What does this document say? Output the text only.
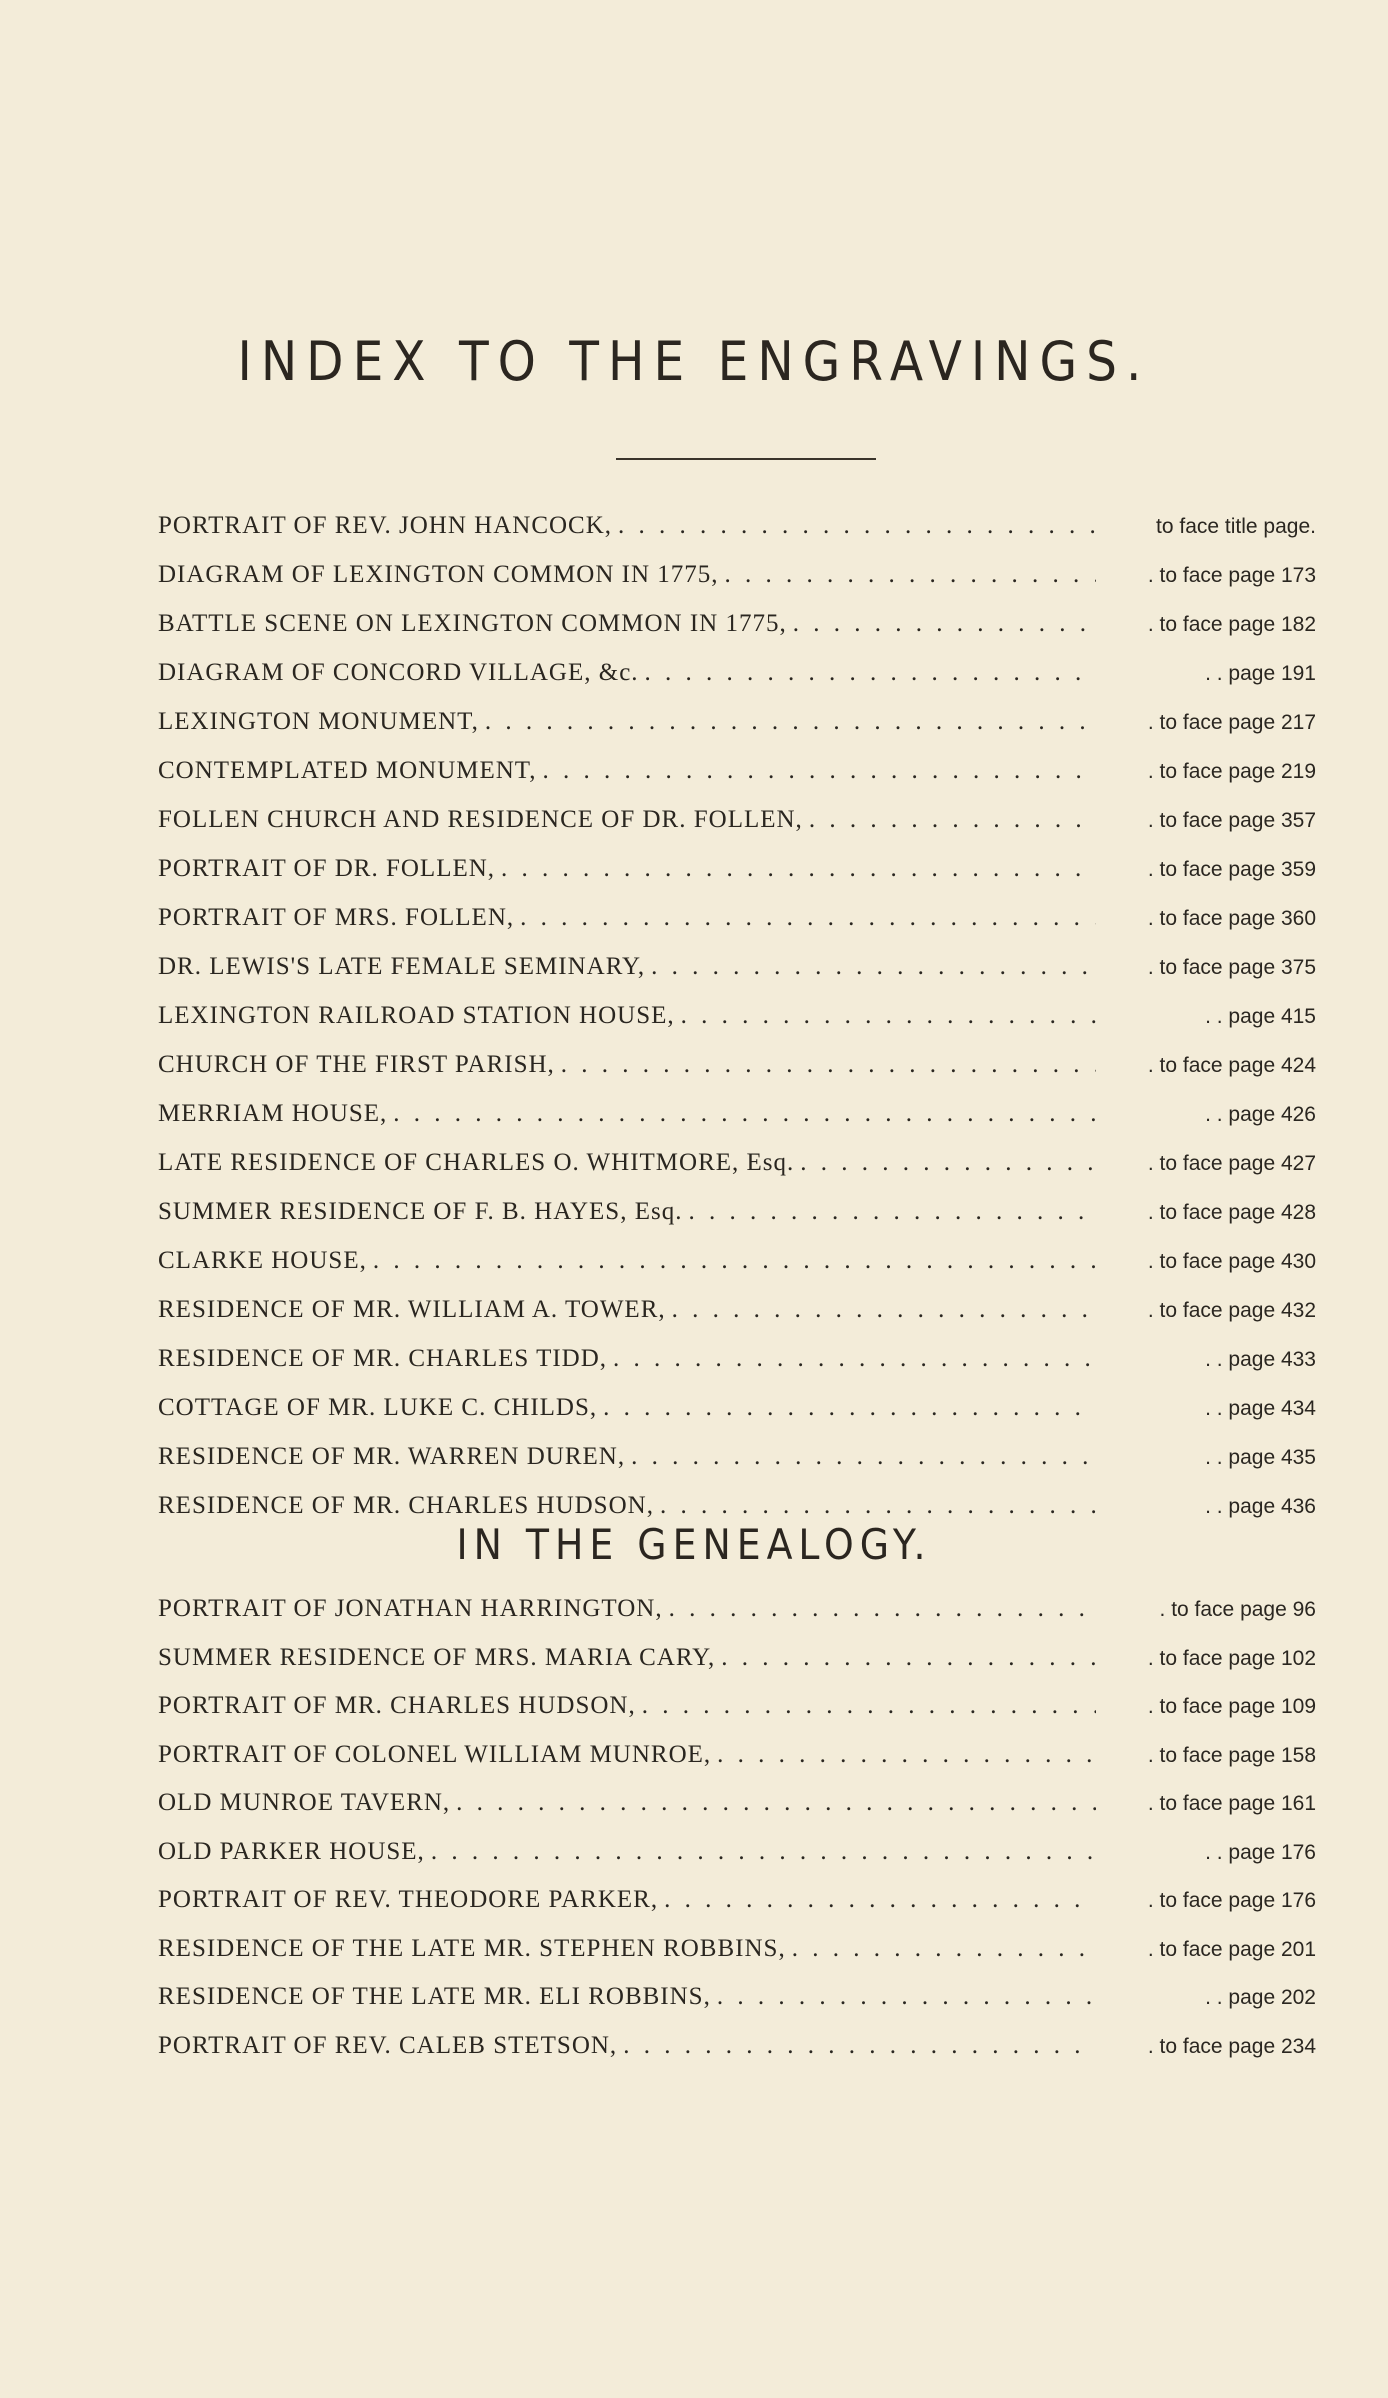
INDEX TO THE ENGRAVINGS.
PORTRAIT OF REV. JOHN HANCOCK, . . .	to face title page.
DIAGRAM OF LEXINGTON COMMON IN 1775, . . .	. to face page 173
BATTLE SCENE ON LEXINGTON COMMON IN 1775, . . .	. to face page 182
DIAGRAM OF CONCORD VILLAGE, &c. . . .	. . page 191
LEXINGTON MONUMENT, . . .	. to face page 217
CONTEMPLATED MONUMENT, . . .	. to face page 219
FOLLEN CHURCH AND RESIDENCE OF DR. FOLLEN, . . .	. to face page 357
PORTRAIT OF DR. FOLLEN, . . .	. to face page 359
PORTRAIT OF MRS. FOLLEN, . . .	. to face page 360
DR. LEWIS'S LATE FEMALE SEMINARY, . . .	. to face page 375
LEXINGTON RAILROAD STATION HOUSE, . . .	. . page 415
CHURCH OF THE FIRST PARISH, . . .	. to face page 424
MERRIAM HOUSE, . . .	. . page 426
LATE RESIDENCE OF CHARLES O. WHITMORE, Esq. . . .	. to face page 427
SUMMER RESIDENCE OF F. B. HAYES, Esq. . . .	. to face page 428
CLARKE HOUSE, . . .	. to face page 430
RESIDENCE OF MR. WILLIAM A. TOWER, . . .	. to face page 432
RESIDENCE OF MR. CHARLES TIDD, . . .	. . page 433
COTTAGE OF MR. LUKE C. CHILDS, . . .	. . page 434
RESIDENCE OF MR. WARREN DUREN, . . .	. . page 435
RESIDENCE OF MR. CHARLES HUDSON, . . .	. . page 436
IN THE GENEALOGY.
PORTRAIT OF JONATHAN HARRINGTON, . . .	. to face page 96
SUMMER RESIDENCE OF MRS. MARIA CARY, . . .	. to face page 102
PORTRAIT OF MR. CHARLES HUDSON, . . .	. to face page 109
PORTRAIT OF COLONEL WILLIAM MUNROE, . . .	. to face page 158
OLD MUNROE TAVERN, . . .	. to face page 161
OLD PARKER HOUSE, . . .	. . page 176
PORTRAIT OF REV. THEODORE PARKER, . . .	. to face page 176
RESIDENCE OF THE LATE MR. STEPHEN ROBBINS, . . .	. to face page 201
RESIDENCE OF THE LATE MR. ELI ROBBINS, . . .	. . page 202
PORTRAIT OF REV. CALEB STETSON, . . .	. to face page 234
